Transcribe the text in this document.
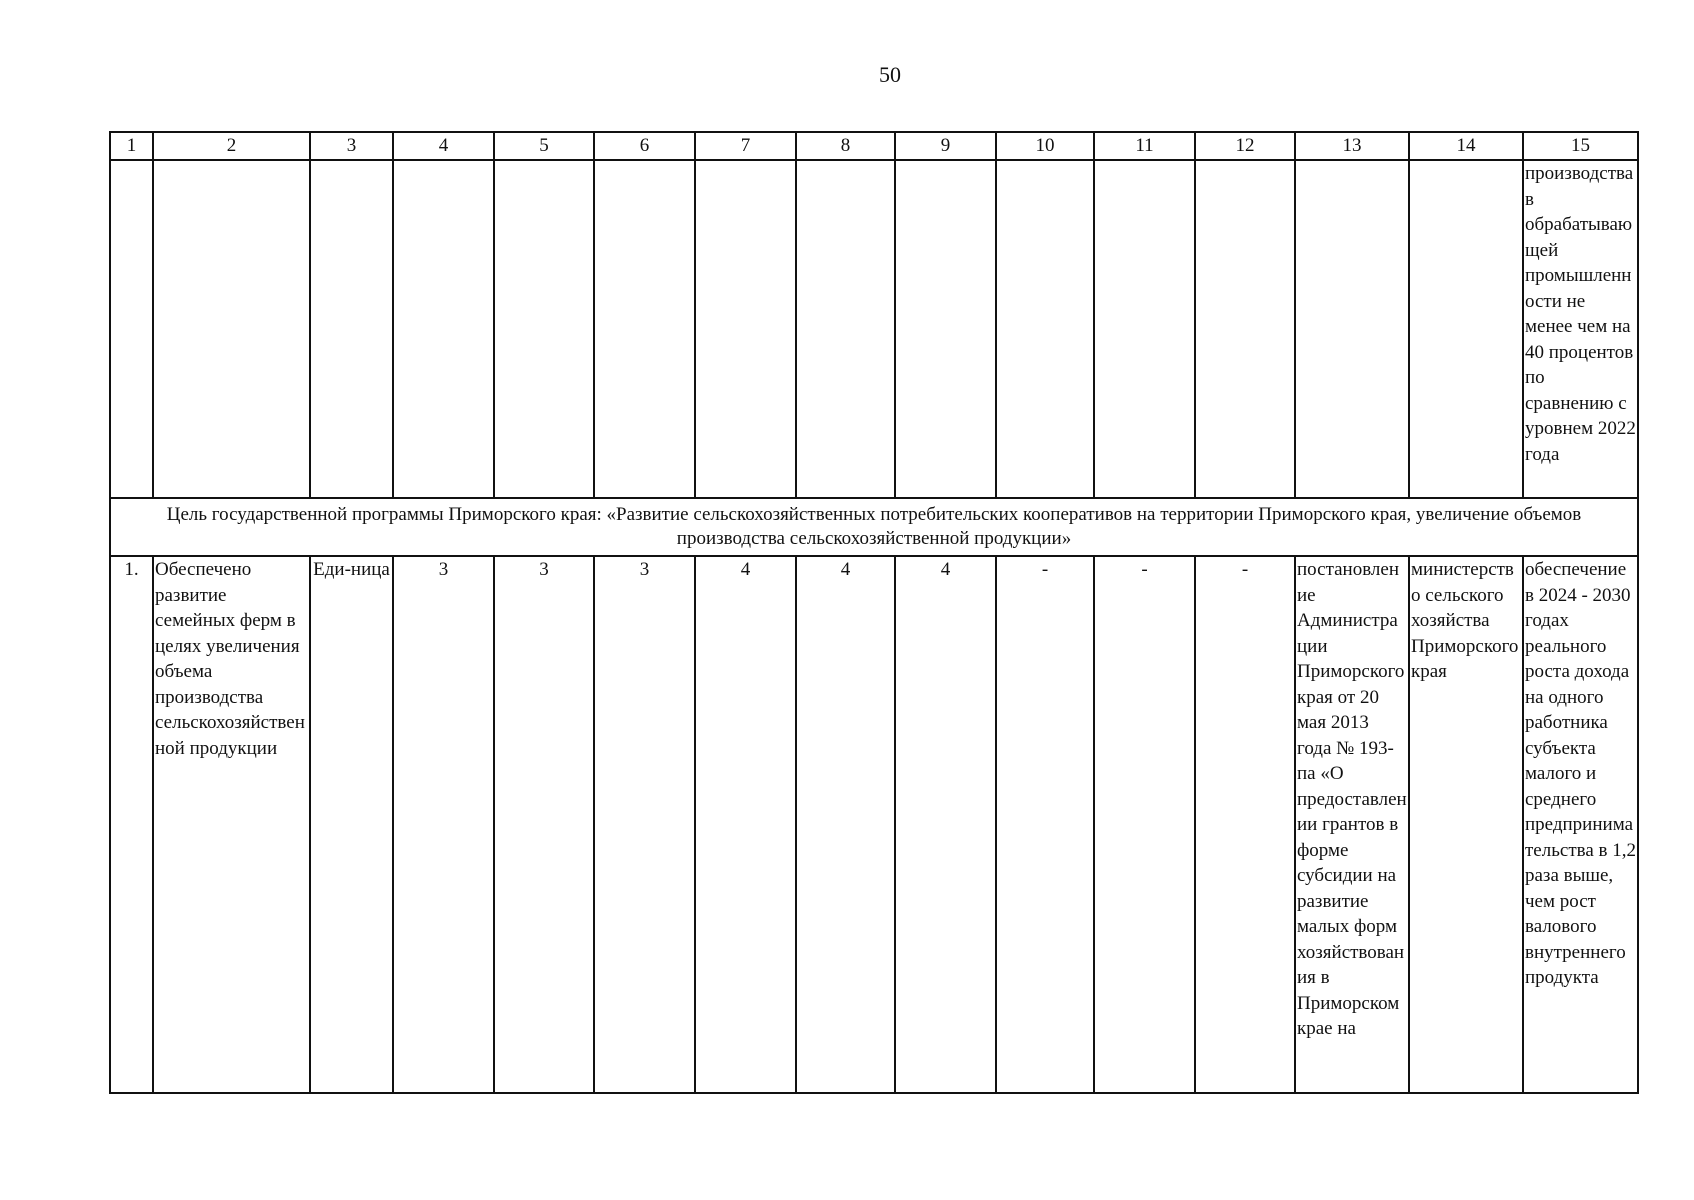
50
1	2	3	4	5	6	7	8	9	10	11	12	13	14	15
														производства в обрабатывающей промышленности не менее чем на 40 процентов по сравнению с уровнем 2022 года
Цель государственной программы Приморского края: «Развитие сельскохозяйственных потребительских кооперативов на территории Приморского края, увеличение объемов производства сельскохозяйственной продукции»														
1.	Обеспечено развитие семейных ферм в целях увеличения объема производства сельскохозяйственной продукции	Еди-ница	3	3	3	4	4	4	-	-	-	постановление Администрации Приморского края от 20 мая 2013 года № 193-па «О предоставлении грантов в форме субсидии на развитие малых форм хозяйствования в Приморском крае на	министерство сельского хозяйства Приморского края	обеспечение в 2024 - 2030 годах реального роста дохода на одного работника субъекта малого и среднего предпринимательства в 1,2 раза выше, чем рост валового внутреннего продукта
